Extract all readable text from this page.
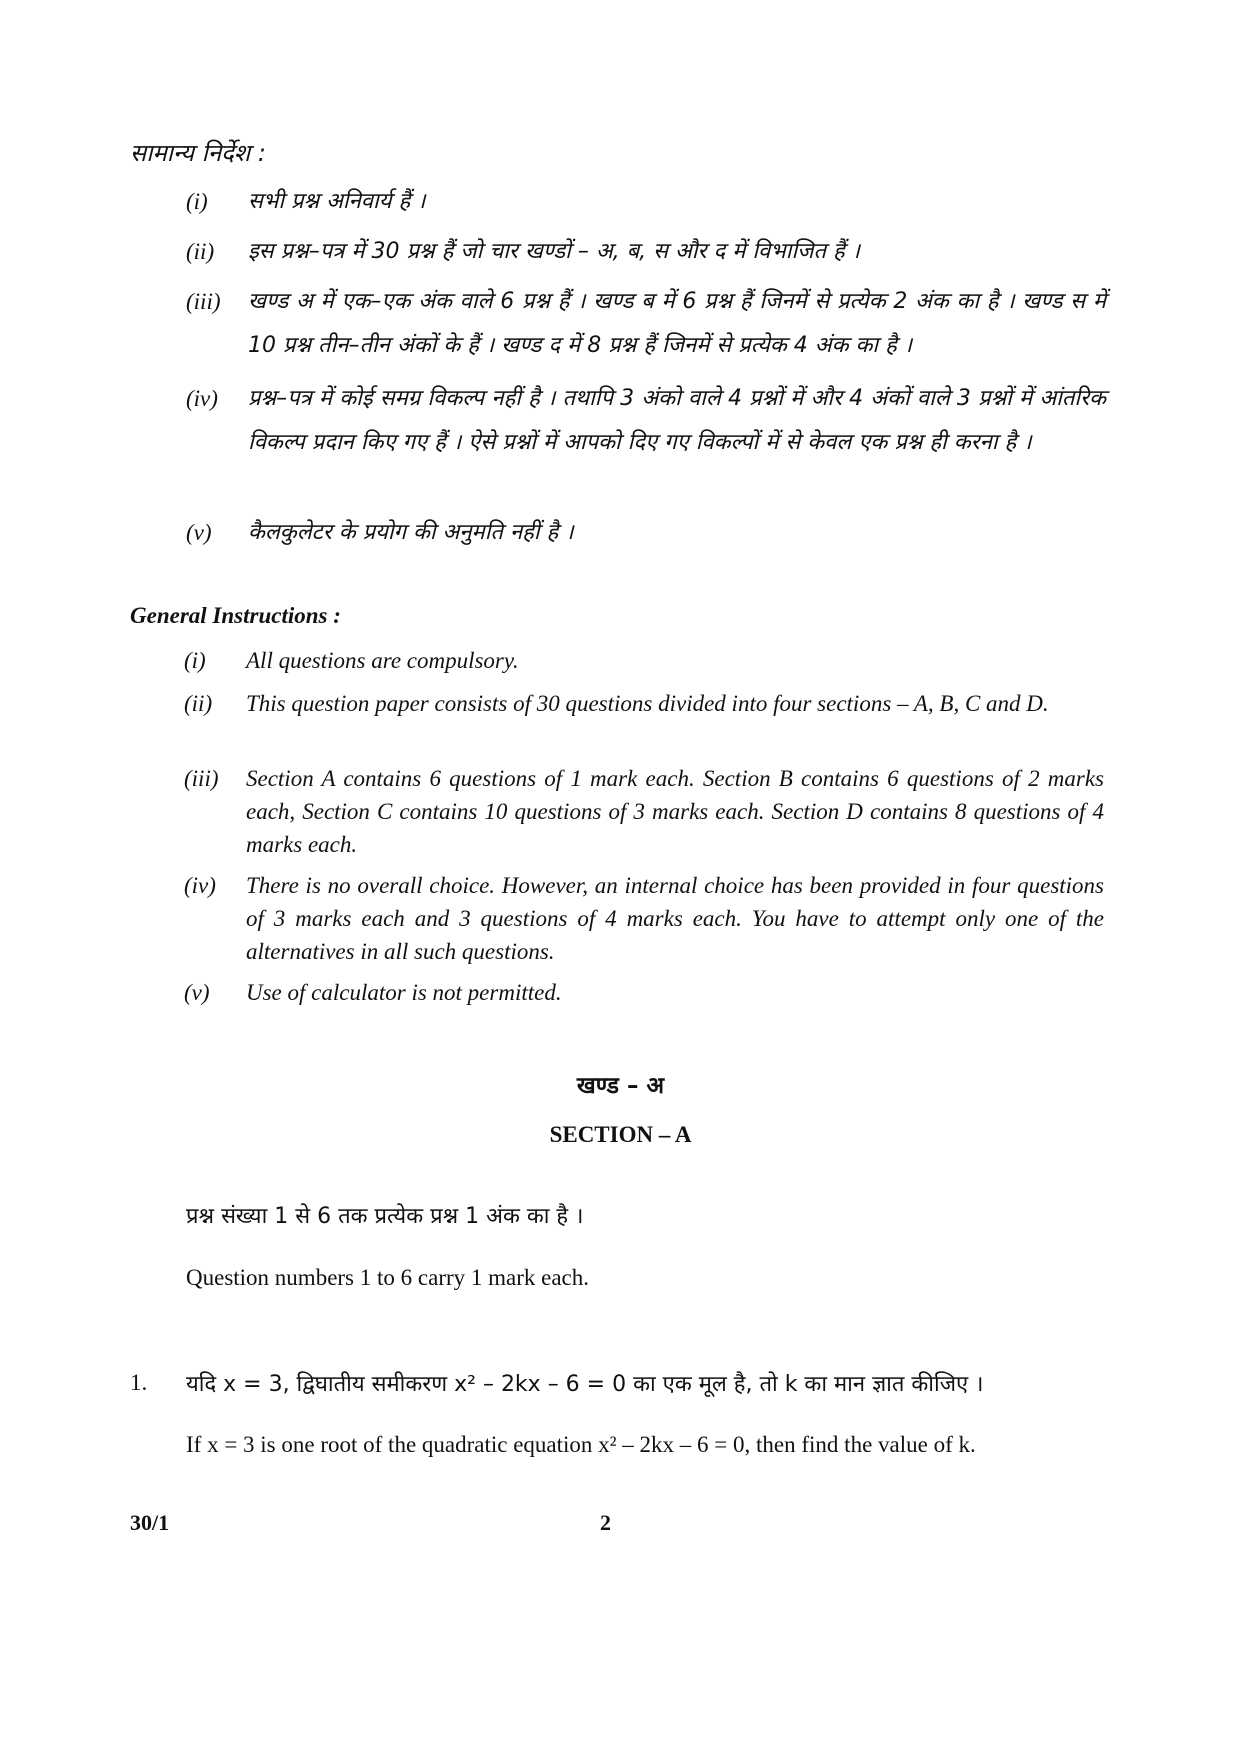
सामान्य निर्देश :
(i)	सभी प्रश्न अनिवार्य हैं ।
(ii)	इस प्रश्न–पत्र में 30 प्रश्न हैं जो चार खण्डों – अ, ब, स और द में विभाजित हैं ।
(iii)	खण्ड अ में एक–एक अंक वाले 6 प्रश्न हैं । खण्ड ब में 6 प्रश्न हैं जिनमें से प्रत्येक 2 अंक का है । खण्ड स में 10 प्रश्न तीन–तीन अंकों के हैं । खण्ड द में 8 प्रश्न हैं जिनमें से प्रत्येक 4 अंक का है ।
(iv)	प्रश्न–पत्र में कोई समग्र विकल्प नहीं है । तथापि 3 अंको वाले 4 प्रश्नों में और 4 अंकों वाले 3 प्रश्नों में आंतरिक विकल्प प्रदान किए गए हैं । ऐसे प्रश्नों में आपको दिए गए विकल्पों में से केवल एक प्रश्न ही करना है ।
(v)	कैलकुलेटर के प्रयोग की अनुमति नहीं है ।
General Instructions :
(i)	All questions are compulsory.
(ii)	This question paper consists of 30 questions divided into four sections – A, B, C and D.
(iii)	Section A contains 6 questions of 1 mark each. Section B contains 6 questions of 2 marks each, Section C contains 10 questions of 3 marks each. Section D contains 8 questions of 4 marks each.
(iv)	There is no overall choice. However, an internal choice has been provided in four questions of 3 marks each and 3 questions of 4 marks each. You have to attempt only one of the alternatives in all such questions.
(v)	Use of calculator is not permitted.
खण्ड – अ
SECTION – A
प्रश्न संख्या 1 से 6 तक प्रत्येक प्रश्न 1 अंक का है ।
Question numbers 1 to 6 carry 1 mark each.
1. यदि x = 3, द्विघातीय समीकरण x² – 2kx – 6 = 0 का एक मूल है, तो k का मान ज्ञात कीजिए ।
If x = 3 is one root of the quadratic equation x² – 2kx – 6 = 0, then find the value of k.
30/1	2
